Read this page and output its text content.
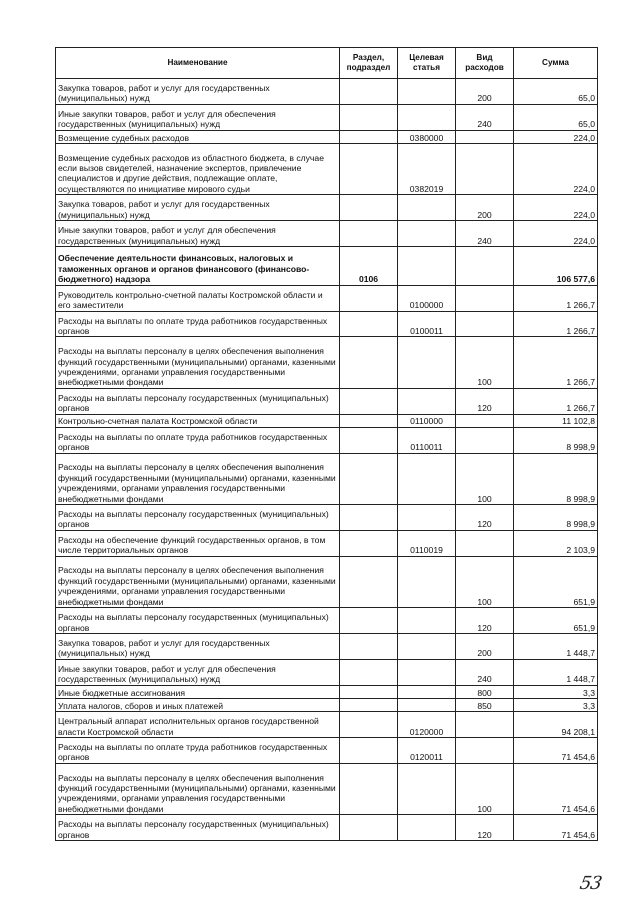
Наименование	Раздел, подраздел	Целевая статья	Вид расходов	Сумма
Закупка товаров, работ и услуг для государственных (муниципальных) нужд			200	65,0
Иные закупки товаров, работ и услуг для обеспечения государственных (муниципальных) нужд			240	65,0
Возмещение судебных расходов		0380000		224,0
Возмещение судебных расходов из областного бюджета, в случае если вызов свидетелей, назначение экспертов, привлечение специалистов и другие действия, подлежащие оплате, осуществляются по инициативе мирового судьи		0382019		224,0
Закупка товаров, работ и услуг для государственных (муниципальных) нужд			200	224,0
Иные закупки товаров, работ и услуг для обеспечения государственных (муниципальных) нужд			240	224,0
Обеспечение деятельности финансовых, налоговых и таможенных органов и органов финансового (финансово-бюджетного) надзора	0106			106 577,6
Руководитель контрольно-счетной палаты Костромской области и его заместители		0100000		1 266,7
Расходы на выплаты по оплате труда работников государственных органов		0100011		1 266,7
Расходы на выплаты персоналу в целях обеспечения выполнения функций государственными (муниципальными) органами, казенными учреждениями, органами управления государственными внебюджетными фондами			100	1 266,7
Расходы на выплаты персоналу государственных (муниципальных) органов			120	1 266,7
Контрольно-счетная палата Костромской области		0110000		11 102,8
Расходы на выплаты по оплате труда работников государственных органов		0110011		8 998,9
Расходы на выплаты персоналу в целях обеспечения выполнения функций государственными (муниципальными) органами, казенными учреждениями, органами управления государственными внебюджетными фондами			100	8 998,9
Расходы на выплаты персоналу государственных (муниципальных) органов			120	8 998,9
Расходы на обеспечение функций государственных органов, в том числе территориальных органов		0110019		2 103,9
Расходы на выплаты персоналу в целях обеспечения выполнения функций государственными (муниципальными) органами, казенными учреждениями, органами управления государственными внебюджетными фондами			100	651,9
Расходы на выплаты персоналу государственных (муниципальных) органов			120	651,9
Закупка товаров, работ и услуг для государственных (муниципальных) нужд			200	1 448,7
Иные закупки товаров, работ и услуг для обеспечения государственных (муниципальных) нужд			240	1 448,7
Иные бюджетные ассигнования			800	3,3
Уплата налогов, сборов и иных платежей			850	3,3
Центральный аппарат исполнительных органов государственной власти Костромской области		0120000		94 208,1
Расходы на выплаты по оплате труда работников государственных органов		0120011		71 454,6
Расходы на выплаты персоналу в целях обеспечения выполнения функций государственными (муниципальными) органами, казенными учреждениями, органами управления государственными внебюджетными фондами			100	71 454,6
Расходы на выплаты персоналу государственных (муниципальных) органов			120	71 454,6
53
